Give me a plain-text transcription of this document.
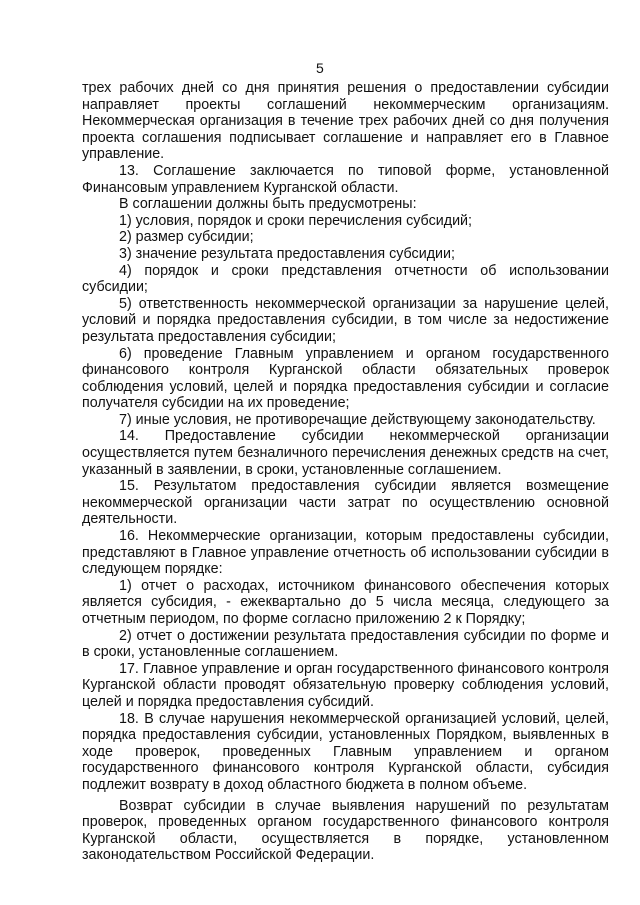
5

трех рабочих дней со дня принятия решения о предоставлении субсидии направляет проекты соглашений некоммерческим организациям. Некоммерческая организация в течение трех рабочих дней со дня получения проекта соглашения подписывает соглашение и направляет его в Главное управление.

13. Соглашение заключается по типовой форме, установленной Финансовым управлением Курганской области.

В соглашении должны быть предусмотрены:

1) условия, порядок и сроки перечисления субсидий;

2) размер субсидии;

3) значение результата предоставления субсидии;

4) порядок и сроки представления отчетности об использовании субсидии;

5) ответственность некоммерческой организации за нарушение целей, условий и порядка предоставления субсидии, в том числе за недостижение результата предоставления субсидии;

6) проведение Главным управлением и органом государственного финансового контроля Курганской области обязательных проверок соблюдения условий, целей и порядка предоставления субсидии и согласие получателя субсидии на их проведение;

7) иные условия, не противоречащие действующему законодательству.

14. Предоставление субсидии некоммерческой организации осуществляется путем безналичного перечисления денежных средств на счет, указанный в заявлении, в сроки, установленные соглашением.

15. Результатом предоставления субсидии является возмещение некоммерческой организации части затрат по осуществлению основной деятельности.

16. Некоммерческие организации, которым предоставлены субсидии, представляют в Главное управление отчетность об использовании субсидии в следующем порядке:

1) отчет о расходах, источником финансового обеспечения которых является субсидия, - ежеквартально до 5 числа месяца, следующего за отчетным периодом, по форме согласно приложению 2 к Порядку;

2) отчет о достижении результата предоставления субсидии по форме и в сроки, установленные соглашением.

17. Главное управление и орган государственного финансового контроля Курганской области проводят обязательную проверку соблюдения условий, целей и порядка предоставления субсидий.

18. В случае нарушения некоммерческой организацией условий, целей, порядка предоставления субсидии, установленных Порядком, выявленных в ходе проверок, проведенных Главным управлением и органом государственного финансового контроля Курганской области, субсидия подлежит возврату в доход областного бюджета в полном объеме.

Возврат субсидии в случае выявления нарушений по результатам проверок, проведенных органом государственного финансового контроля Курганской области, осуществляется в порядке, установленном законодательством Российской Федерации.
